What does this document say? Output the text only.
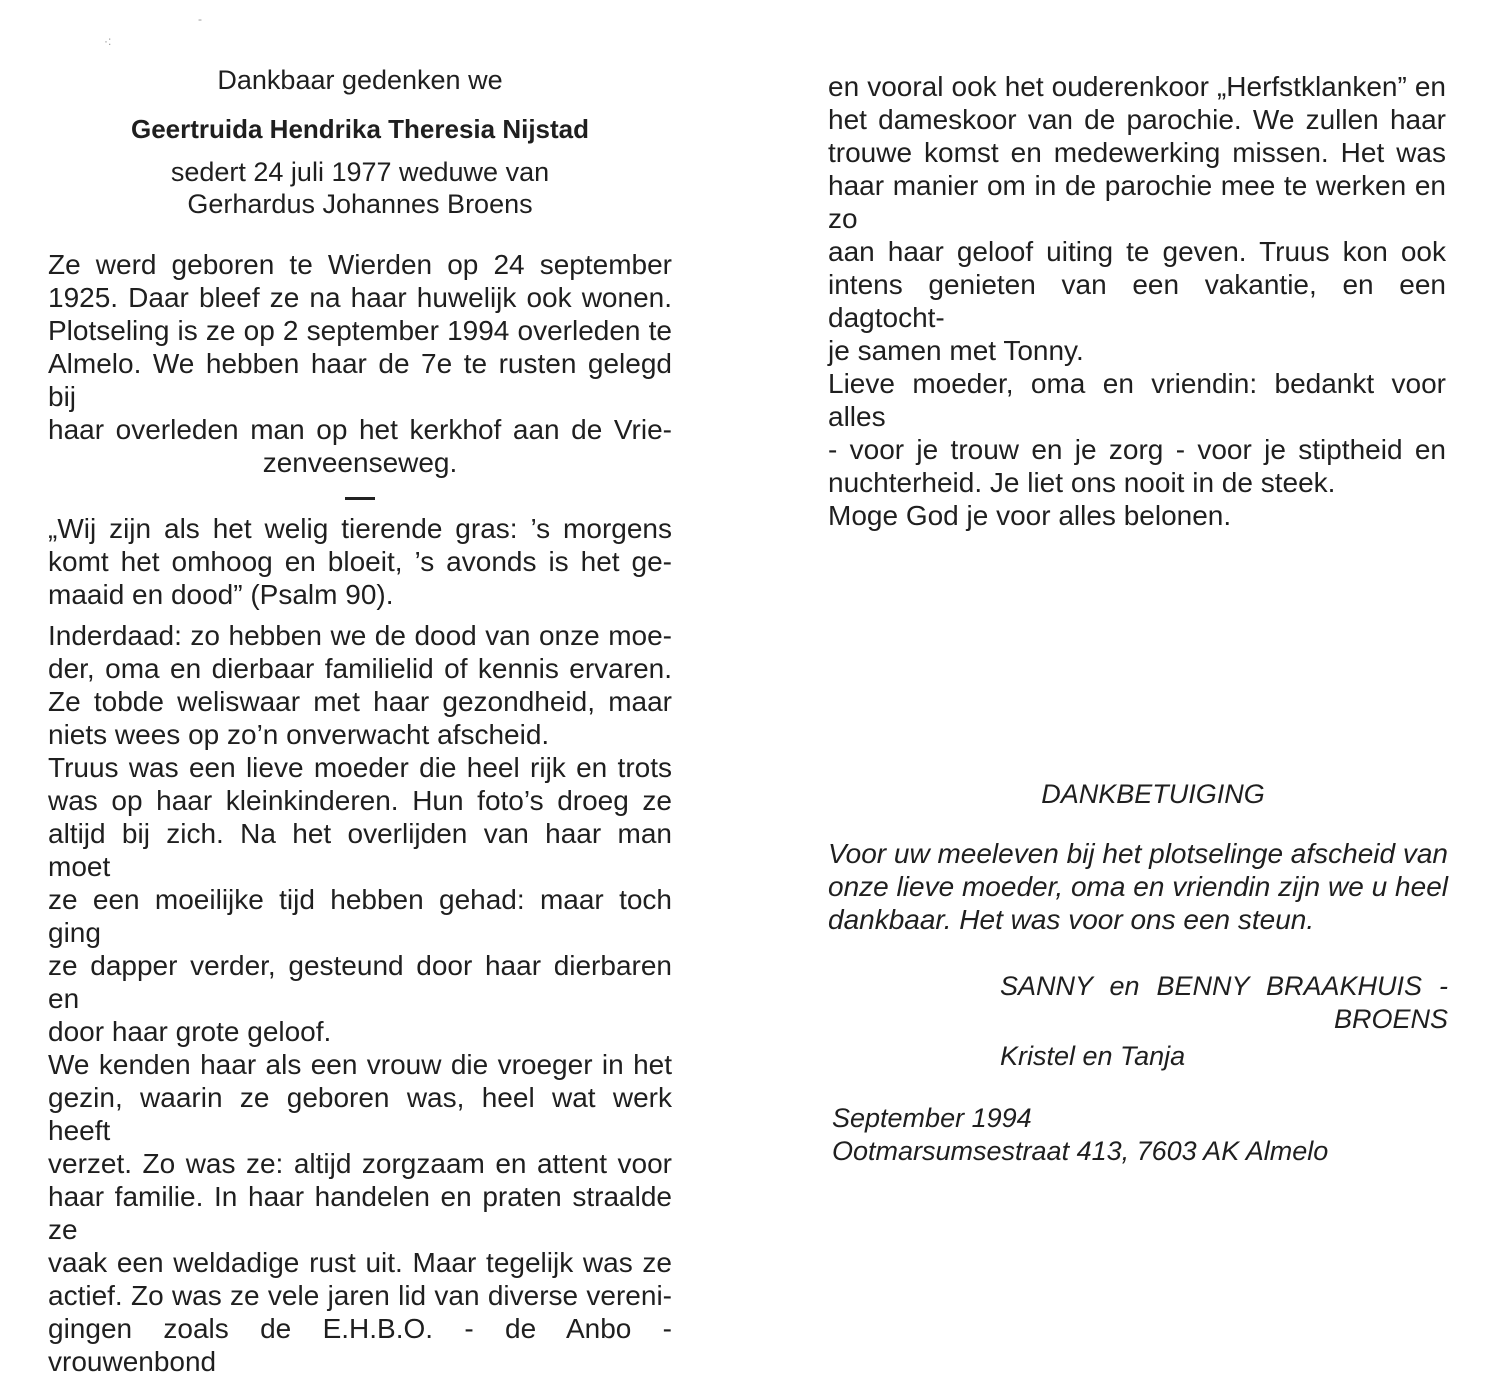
·:
-
Dankbaar gedenken we
Geertruida Hendrika Theresia Nijstad
sedert 24 juli 1977 weduwe van
Gerhardus Johannes Broens
Ze werd geboren te Wierden op 24 september
1925. Daar bleef ze na haar huwelijk ook wonen.
Plotseling is ze op 2 september 1994 overleden te
Almelo. We hebben haar de 7e te rusten gelegd bij
haar overleden man op het kerkhof aan de Vrie-
zenveenseweg.
„Wij zijn als het welig tierende gras: ’s morgens
komt het omhoog en bloeit, ’s avonds is het ge-
maaid en dood” (Psalm 90).
Inderdaad: zo hebben we de dood van onze moe-
der, oma en dierbaar familielid of kennis ervaren.
Ze tobde weliswaar met haar gezondheid, maar
niets wees op zo’n onverwacht afscheid.
Truus was een lieve moeder die heel rijk en trots
was op haar kleinkinderen. Hun foto’s droeg ze
altijd bij zich. Na het overlijden van haar man moet
ze een moeilijke tijd hebben gehad: maar toch ging
ze dapper verder, gesteund door haar dierbaren en
door haar grote geloof.
We kenden haar als een vrouw die vroeger in het
gezin, waarin ze geboren was, heel wat werk heeft
verzet. Zo was ze: altijd zorgzaam en attent voor
haar familie. In haar handelen en praten straalde ze
vaak een weldadige rust uit. Maar tegelijk was ze
actief. Zo was ze vele jaren lid van diverse vereni-
gingen zoals de E.H.B.O. - de Anbo - vrouwenbond
en vooral ook het ouderenkoor „Herfstklanken” en
het dameskoor van de parochie. We zullen haar
trouwe komst en medewerking missen. Het was
haar manier om in de parochie mee te werken en zo
aan haar geloof uiting te geven. Truus kon ook
intens genieten van een vakantie, en een dagtocht-
je samen met Tonny.
Lieve moeder, oma en vriendin: bedankt voor alles
- voor je trouw en je zorg - voor je stiptheid en
nuchterheid. Je liet ons nooit in de steek.
Moge God je voor alles belonen.
DANKBETUIGING
Voor uw meeleven bij het plotselinge afscheid van
onze lieve moeder, oma en vriendin zijn we u heel
dankbaar. Het was voor ons een steun.
SANNY en BENNY BRAAKHUIS -
BROENS
Kristel en Tanja
September 1994
Ootmarsumsestraat 413, 7603 AK Almelo
